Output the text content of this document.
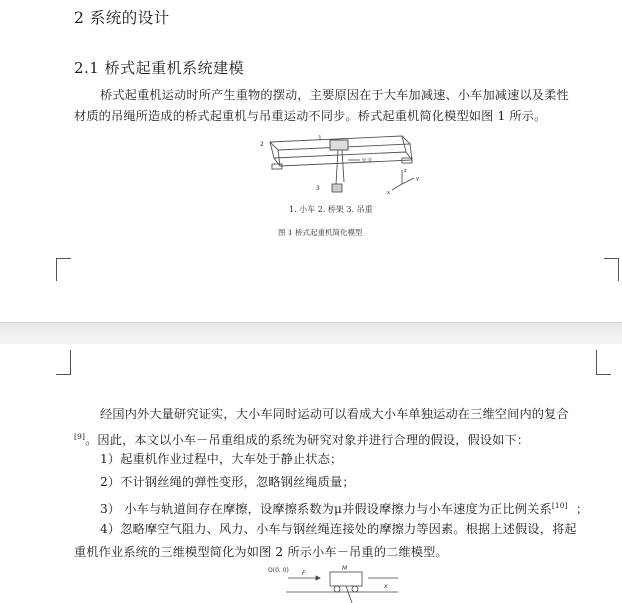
2 系统的设计
2.1 桥式起重机系统建模
桥式起重机运动时所产生重物的摆动，主要原因在于大车加减速、小车加减速以及柔性
材质的吊绳所造成的桥式起重机与吊重运动不同步。桥式起重机简化模型如图 1 所示。
2
1
3
轨道
z
y
x
1. 小车 2. 桥架 3. 吊重
图 1 桥式起重机简化模型
经国内外大量研究证实，大小车同时运动可以看成大小车单独运动在三维空间内的复合
[9]。因此，本文以小车－吊重组成的系统为研究对象并进行合理的假设，假设如下：
1）起重机作业过程中，大车处于静止状态；
2）不计钢丝绳的弹性变形，忽略钢丝绳质量；
3） 小车与轨道间存在摩擦，设摩擦系数为μ并假设摩擦力与小车速度为正比例关系[10] ；
4）忽略摩空气阻力、风力、小车与钢丝绳连接处的摩擦力等因素。根据上述假设，将起
重机作业系统的三维模型简化为如图 2 所示小车－吊重的二维模型。
O(0, 0) F
M
x
